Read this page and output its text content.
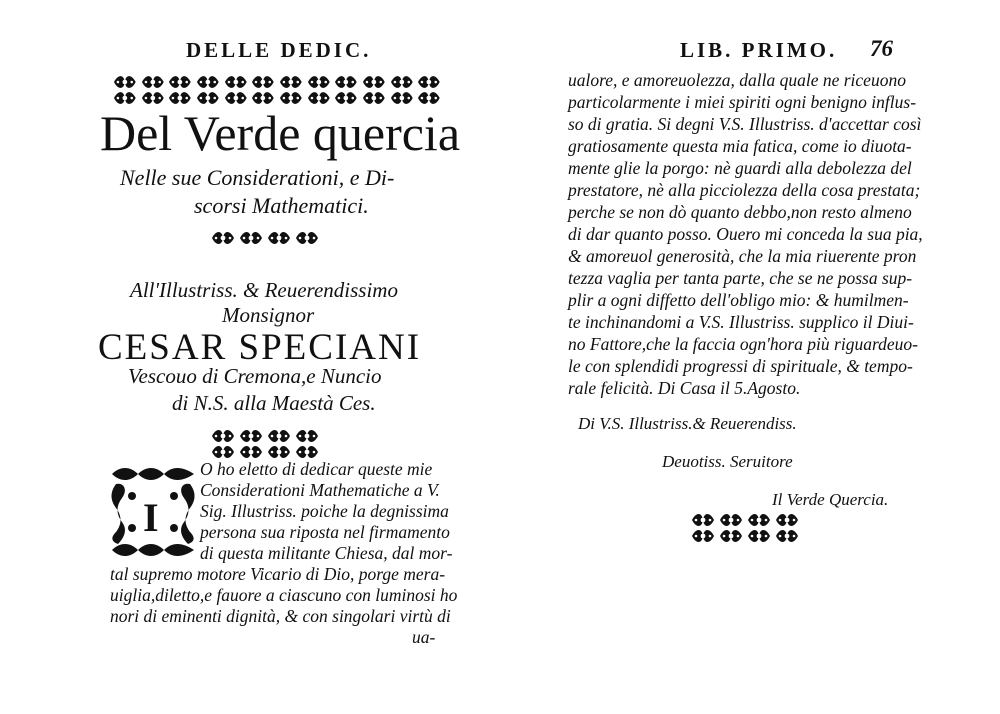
DELLE DEDIC.
Del Verde quercia
Nelle sue Considerationi, e Di-
scorsi Mathematici.
All'Illustriss. & Reuerendissimo
Monsignor
CESAR SPECIANI
Vescouo di Cremona,e Nuncio
di N.S. alla Maestà Ces.
I
O ho eletto di dedicar queste mie
Considerationi Mathematiche a V.
Sig. Illustriss. poiche la degnissima
persona sua riposta nel firmamento
di questa militante Chiesa, dal mor-
tal supremo motore Vicario di Dio, porge mera-
uiglia,diletto,e fauore a ciascuno con luminosi ho
nori di eminenti dignità, & con singolari virtù di
ua-
LIB. PRIMO. 76
ualore, e amoreuolezza, dalla quale ne riceuono
particolarmente i miei spiriti ogni benigno influs-
so di gratia. Si degni V.S. Illustriss. d'accettar così
gratiosamente questa mia fatica, come io diuota-
mente glie la porgo: nè guardi alla debolezza del
prestatore, nè alla picciolezza della cosa prestata;
perche se non dò quanto debbo,non resto almeno
di dar quanto posso. Ouero mi conceda la sua pia,
& amoreuol generosità, che la mia riuerente pron
tezza vaglia per tanta parte, che se ne possa sup-
plir a ogni diffetto dell'obligo mio: & humilmen-
te inchinandomi a V.S. Illustriss. supplico il Diui-
no Fattore,che la faccia ogn'hora più riguardeuo-
le con splendidi progressi di spirituale, & tempo-
rale felicità. Di Casa il 5.Agosto.
Di V.S. Illustriss.& Reuerendiss.
Deuotiss. Seruitore
Il Verde Quercia.
